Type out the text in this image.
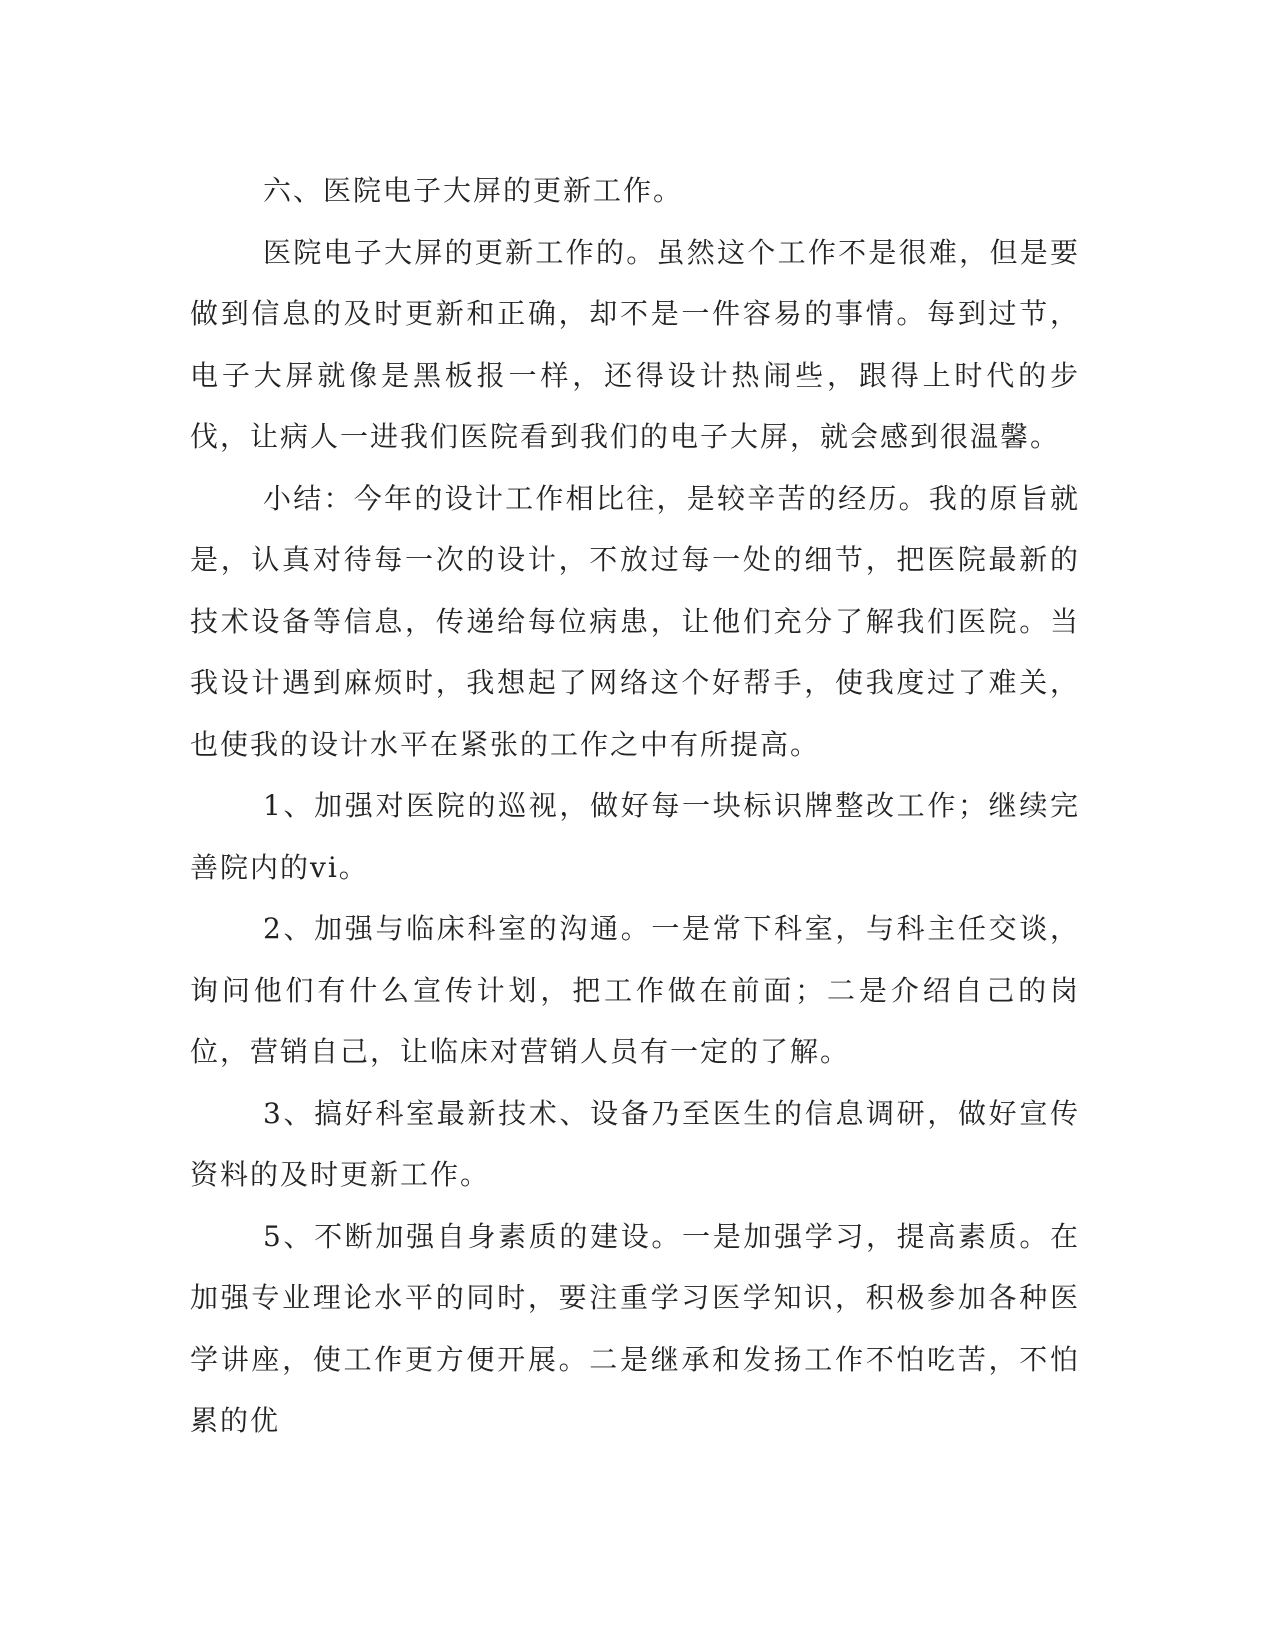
六、医院电子大屏的更新工作。

医院电子大屏的更新工作的。虽然这个工作不是很难，但是要做到信息的及时更新和正确，却不是一件容易的事情。每到过节，电子大屏就像是黑板报一样，还得设计热闹些，跟得上时代的步伐，让病人一进我们医院看到我们的电子大屏，就会感到很温馨。

小结：今年的设计工作相比往，是较辛苦的经历。我的原旨就是，认真对待每一次的设计，不放过每一处的细节，把医院最新的技术设备等信息，传递给每位病患，让他们充分了解我们医院。当我设计遇到麻烦时，我想起了网络这个好帮手，使我度过了难关，也使我的设计水平在紧张的工作之中有所提高。

1、加强对医院的巡视，做好每一块标识牌整改工作；继续完善院内的vi。

2、加强与临床科室的沟通。一是常下科室，与科主任交谈，询问他们有什么宣传计划，把工作做在前面；二是介绍自己的岗位，营销自己，让临床对营销人员有一定的了解。

3、搞好科室最新技术、设备乃至医生的信息调研，做好宣传资料的及时更新工作。

5、不断加强自身素质的建设。一是加强学习，提高素质。在加强专业理论水平的同时，要注重学习医学知识，积极参加各种医学讲座，使工作更方便开展。二是继承和发扬工作不怕吃苦，不怕累的优
